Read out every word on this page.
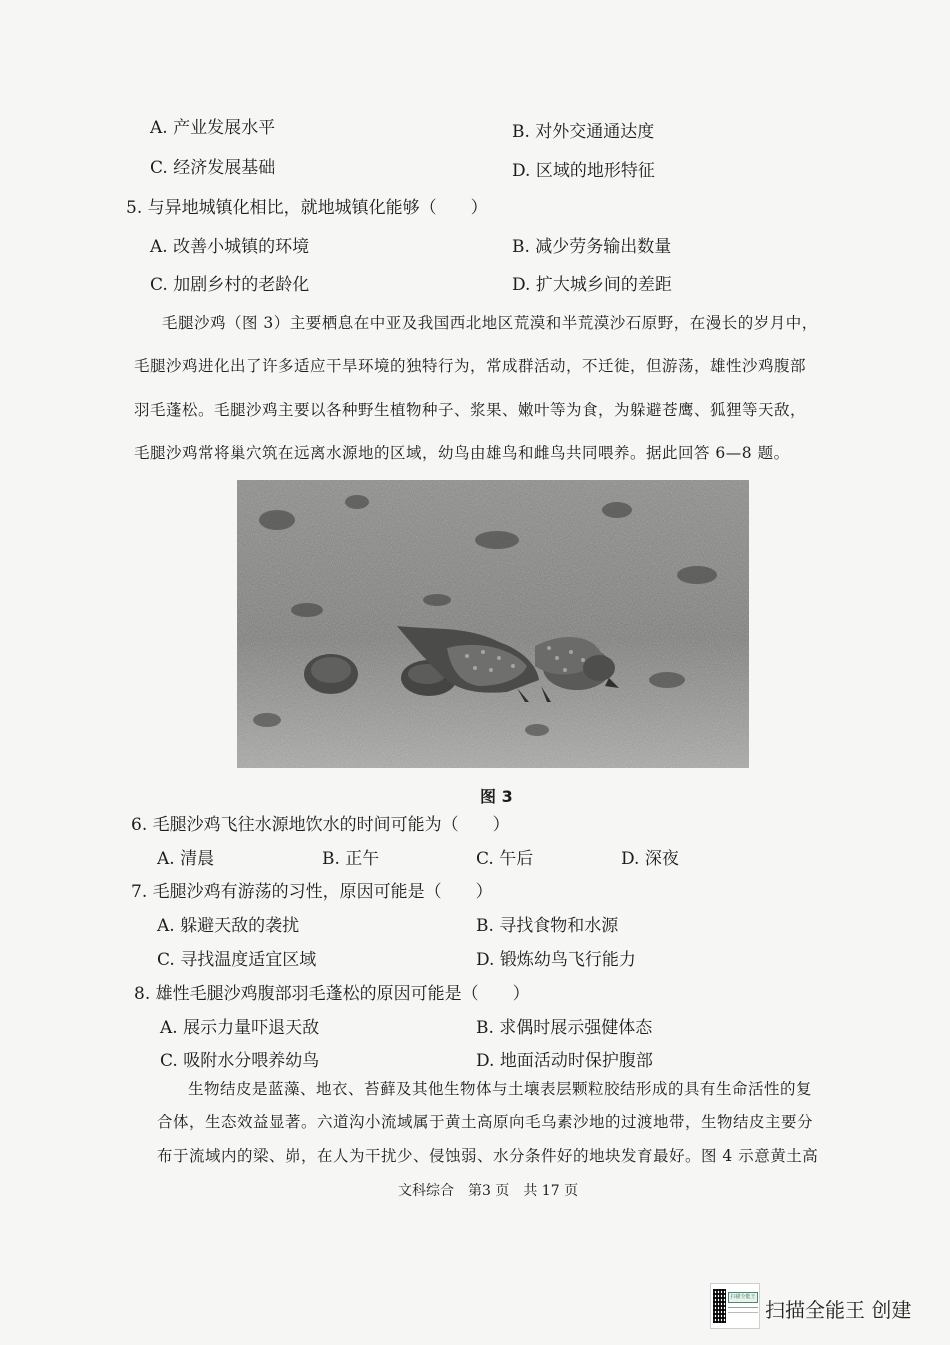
A. 产业发展水平	B. 对外交通通达度
C. 经济发展基础	D. 区域的地形特征
5. 与异地城镇化相比，就地城镇化能够（　　）
A. 改善小城镇的环境	B. 减少劳务输出数量
C. 加剧乡村的老龄化	D. 扩大城乡间的差距
毛腿沙鸡（图 3）主要栖息在中亚及我国西北地区荒漠和半荒漠沙石原野，在漫长的岁月中，
毛腿沙鸡进化出了许多适应干旱环境的独特行为，常成群活动，不迁徙，但游荡，雄性沙鸡腹部
羽毛蓬松。毛腿沙鸡主要以各种野生植物种子、浆果、嫩叶等为食，为躲避苍鹰、狐狸等天敌，
毛腿沙鸡常将巢穴筑在远离水源地的区域，幼鸟由雄鸟和雌鸟共同喂养。据此回答 6—8 题。
图 3
6. 毛腿沙鸡飞往水源地饮水的时间可能为（　　）
A. 清晨	B. 正午	C. 午后	D. 深夜
7. 毛腿沙鸡有游荡的习性，原因可能是（　　）
A. 躲避天敌的袭扰	B. 寻找食物和水源
C. 寻找温度适宜区域	D. 锻炼幼鸟飞行能力
8. 雄性毛腿沙鸡腹部羽毛蓬松的原因可能是（　　）
A. 展示力量吓退天敌	B. 求偶时展示强健体态
C. 吸附水分喂养幼鸟	D. 地面活动时保护腹部
生物结皮是蓝藻、地衣、苔藓及其他生物体与土壤表层颗粒胶结形成的具有生命活性的复
合体，生态效益显著。六道沟小流域属于黄土高原向毛乌素沙地的过渡地带，生物结皮主要分
布于流域内的梁、峁，在人为干扰少、侵蚀弱、水分条件好的地块发育最好。图 4 示意黄土高
文科综合　第3 页　共 17 页
扫描全能王
扫描全能王 创建
